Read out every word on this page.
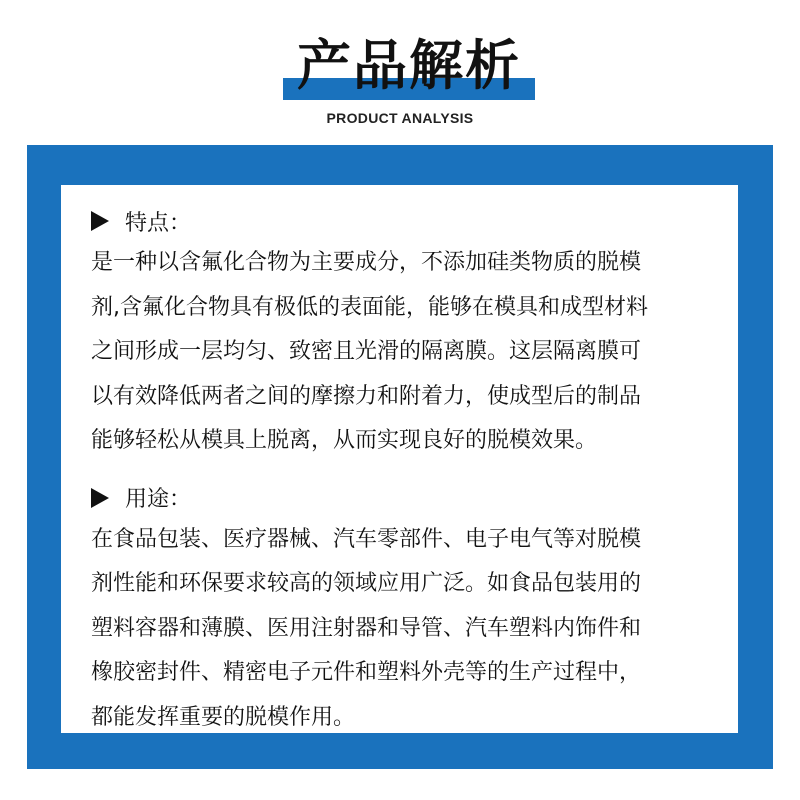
产品解析
PRODUCT ANALYSIS
特点：

是一种以含氟化合物为主要成分，不添加硅类物质的脱模
剂,含氟化合物具有极低的表面能，能够在模具和成型材料
之间形成一层均匀、致密且光滑的隔离膜。这层隔离膜可
以有效降低两者之间的摩擦力和附着力，使成型后的制品
能够轻松从模具上脱离，从而实现良好的脱模效果。

用途：

在食品包装、医疗器械、汽车零部件、电子电气等对脱模
剂性能和环保要求较高的领域应用广泛。如食品包装用的
塑料容器和薄膜、医用注射器和导管、汽车塑料内饰件和
橡胶密封件、精密电子元件和塑料外壳等的生产过程中，
都能发挥重要的脱模作用。
